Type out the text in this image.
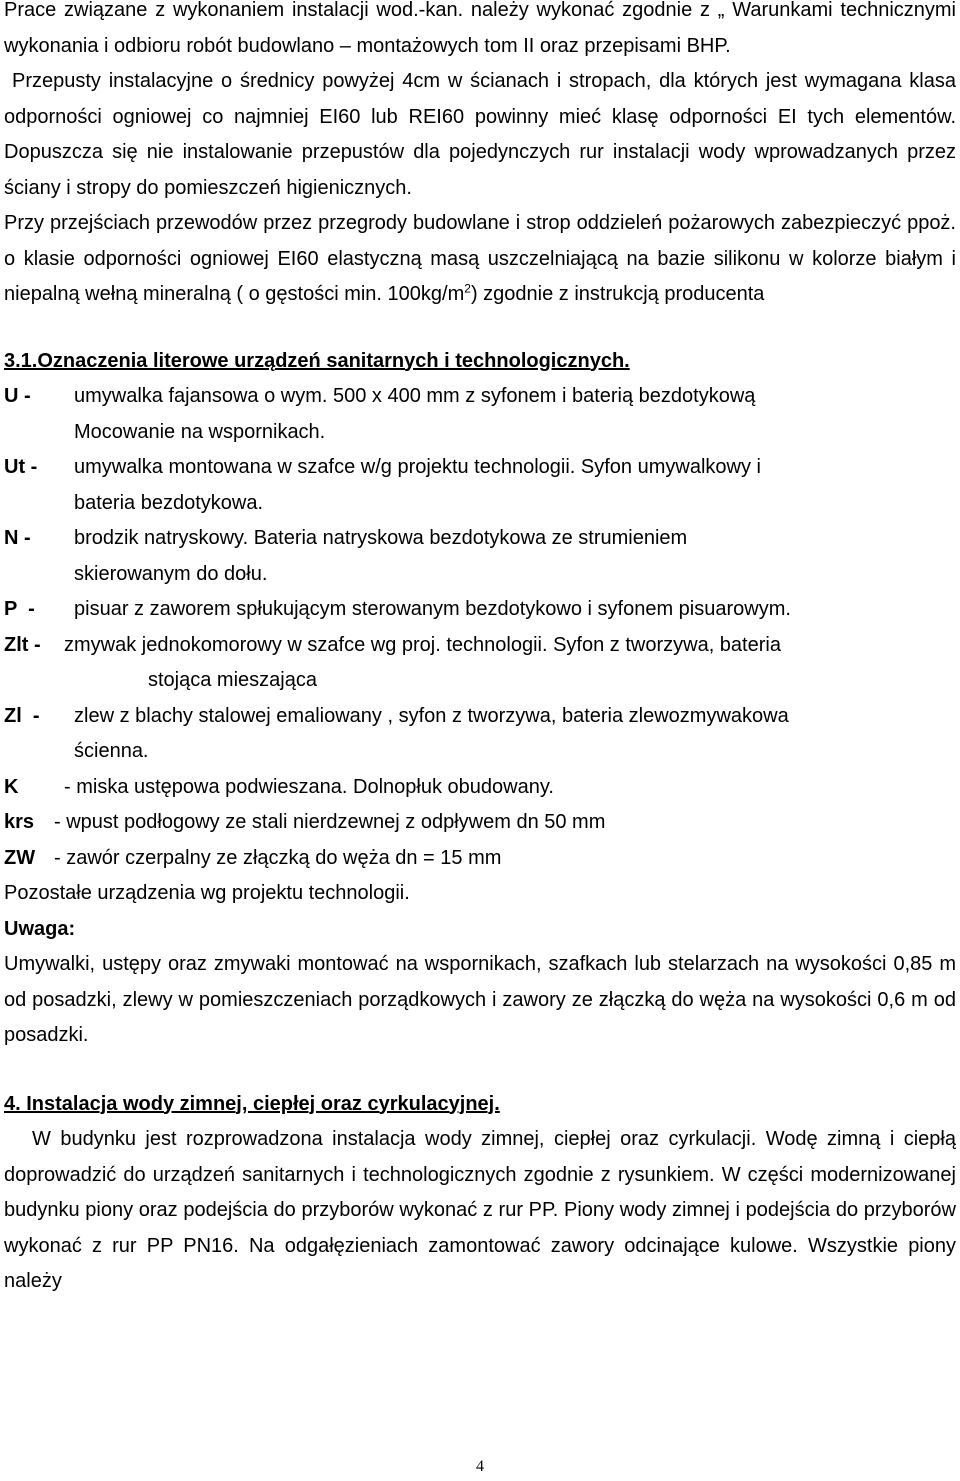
Prace związane z wykonaniem instalacji wod.-kan. należy wykonać zgodnie z „ Warunkami technicznymi wykonania i odbioru robót budowlano – montażowych tom II oraz przepisami BHP.

Przepusty instalacyjne o średnicy powyżej 4cm w ścianach i stropach, dla których jest wymagana klasa odporności ogniowej co najmniej EI60 lub REI60 powinny mieć klasę odporności EI tych elementów. Dopuszcza się nie instalowanie przepustów dla pojedynczych rur instalacji wody wprowadzanych przez ściany i stropy do pomieszczeń higienicznych.

Przy przejściach przewodów przez przegrody budowlane i strop oddzieleń pożarowych zabezpieczyć ppoż. o klasie odporności ogniowej EI60 elastyczną masą uszczelniającą na bazie silikonu w kolorze białym i niepalną wełną mineralną ( o gęstości min. $100kg/m^2$) zgodnie z instrukcją producenta

3.1.Oznaczenia literowe urządzeń sanitarnych i technologicznych.

U -	umywalka fajansowa o wym. 500 x 400 mm z syfonem i baterią bezdotykową
Mocowanie na wspornikach.
Ut -	umywalka montowana w szafce w/g projektu technologii. Syfon umywalkowy i
bateria bezdotykowa.
N -	brodzik natryskowy. Bateria natryskowa bezdotykowa ze strumieniem
skierowanym do dołu.
P  -	pisuar z zaworem spłukującym sterowanym bezdotykowo i syfonem pisuarowym.
Zlt - zmywak jednokomorowy w szafce wg proj. technologii. Syfon z tworzywa, bateria
stojąca mieszająca
Zl  -	zlew z blachy stalowej emaliowany , syfon z tworzywa, bateria zlewozmywakowa
ścienna.
K - miska ustępowa podwieszana. Dolnopłuk obudowany.
krs - wpust podłogowy ze stali nierdzewnej z odpływem dn 50 mm
ZW - zawór czerpalny ze złączką do węża dn = 15 mm

Pozostałe urządzenia wg projektu technologii.

Uwaga:

Umywalki, ustępy oraz zmywaki montować na wspornikach, szafkach lub stelarzach na wysokości 0,85 m od posadzki, zlewy w pomieszczeniach porządkowych i zawory ze złączką do węża na wysokości 0,6 m od posadzki.

4. Instalacja wody zimnej, ciepłej oraz cyrkulacyjnej.

W budynku jest rozprowadzona instalacja wody zimnej, ciepłej oraz cyrkulacji. Wodę zimną i ciepłą doprowadzić do urządzeń sanitarnych i technologicznych zgodnie z rysunkiem. W części modernizowanej budynku piony oraz podejścia do przyborów wykonać z rur PP. Piony wody zimnej i podejścia do przyborów wykonać z rur PP PN16. Na odgałęzieniach zamontować zawory odcinające kulowe. Wszystkie piony należy

4
